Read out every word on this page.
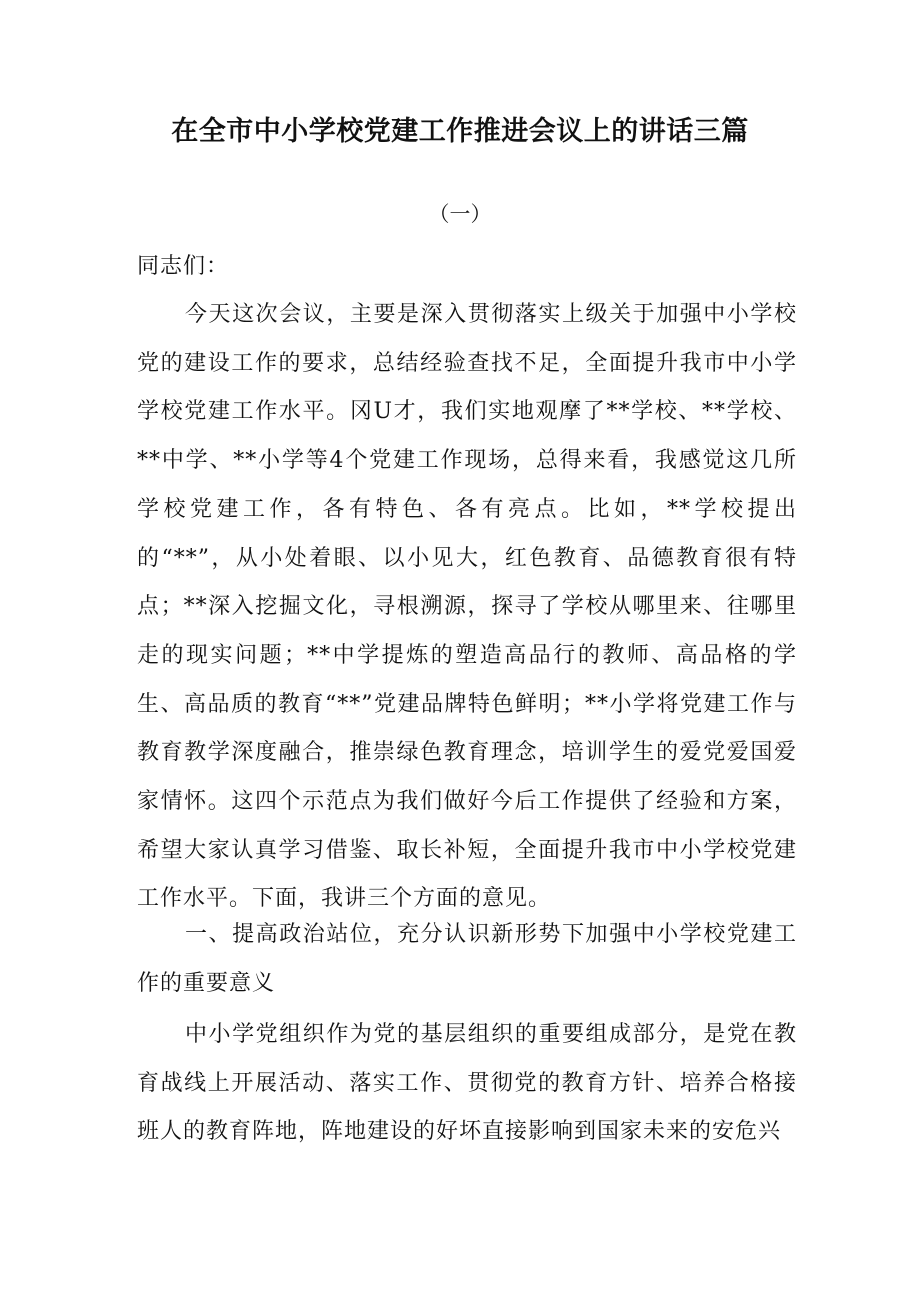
在全市中小学校党建工作推进会议上的讲话三篇
（一）
同志们：
今天这次会议，主要是深入贯彻落实上级关于加强中小学校党的建设工作的要求，总结经验查找不足，全面提升我市中小学学校党建工作水平。冈U才，我们实地观摩了**学校、**学校、**中学、**小学等4个党建工作现场，总得来看，我感觉这几所学校党建工作，各有特色、各有亮点。比如，**学校提出的“**”，从小处着眼、以小见大，红色教育、品德教育很有特点；**深入挖掘文化，寻根溯源，探寻了学校从哪里来、往哪里走的现实问题；**中学提炼的塑造高品行的教师、高品格的学生、高品质的教育“**”党建品牌特色鲜明；**小学将党建工作与教育教学深度融合，推崇绿色教育理念，培训学生的爱党爱国爱家情怀。这四个示范点为我们做好今后工作提供了经验和方案，希望大家认真学习借鉴、取长补短，全面提升我市中小学校党建工作水平。下面，我讲三个方面的意见。
一、提高政治站位，充分认识新形势下加强中小学校党建工作的重要意义
中小学党组织作为党的基层组织的重要组成部分，是党在教育战线上开展活动、落实工作、贯彻党的教育方针、培养合格接班人的教育阵地，阵地建设的好坏直接影响到国家未来的安危兴
